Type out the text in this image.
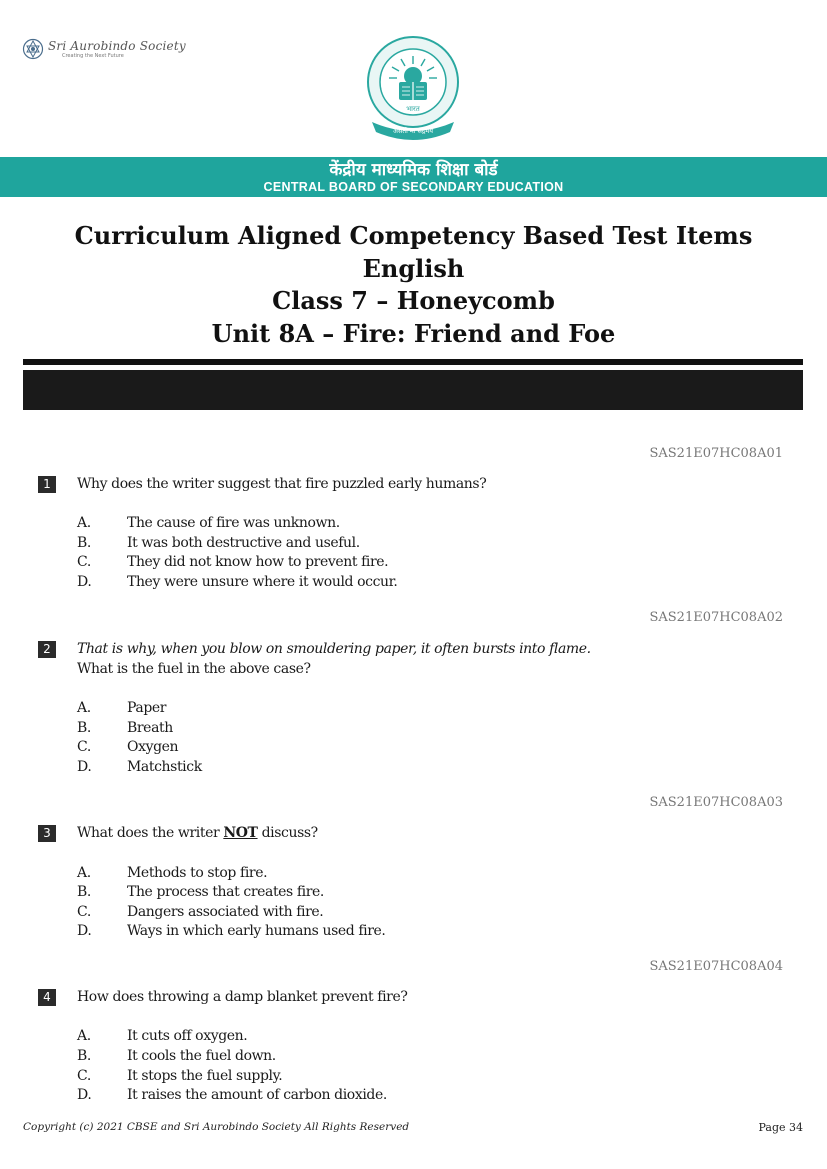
Sri Aurobindo Society
Creating the Next Future
भारत
असतो मा सद्गमय
केंद्रीय माध्यमिक शिक्षा बोर्ड
CENTRAL BOARD OF SECONDARY EDUCATION
Curriculum Aligned Competency Based Test Items
English
Class 7 – Honeycomb
Unit 8A – Fire: Friend and Foe
SAS21E07HC08A01
1	Why does the writer suggest that fire puzzled early humans?
A.	The cause of fire was unknown.
B.	It was both destructive and useful.
C.	They did not know how to prevent fire.
D.	They were unsure where it would occur.
SAS21E07HC08A02
2	That is why, when you blow on smouldering paper, it often bursts into flame.
What is the fuel in the above case?
A.	Paper
B.	Breath
C.	Oxygen
D.	Matchstick
SAS21E07HC08A03
3	What does the writer NOT discuss?
A.	Methods to stop fire.
B.	The process that creates fire.
C.	Dangers associated with fire.
D.	Ways in which early humans used fire.
SAS21E07HC08A04
4	How does throwing a damp blanket prevent fire?
A.	It cuts off oxygen.
B.	It cools the fuel down.
C.	It stops the fuel supply.
D.	It raises the amount of carbon dioxide.
Copyright (c) 2021 CBSE and Sri Aurobindo Society All Rights Reserved	Page 34
